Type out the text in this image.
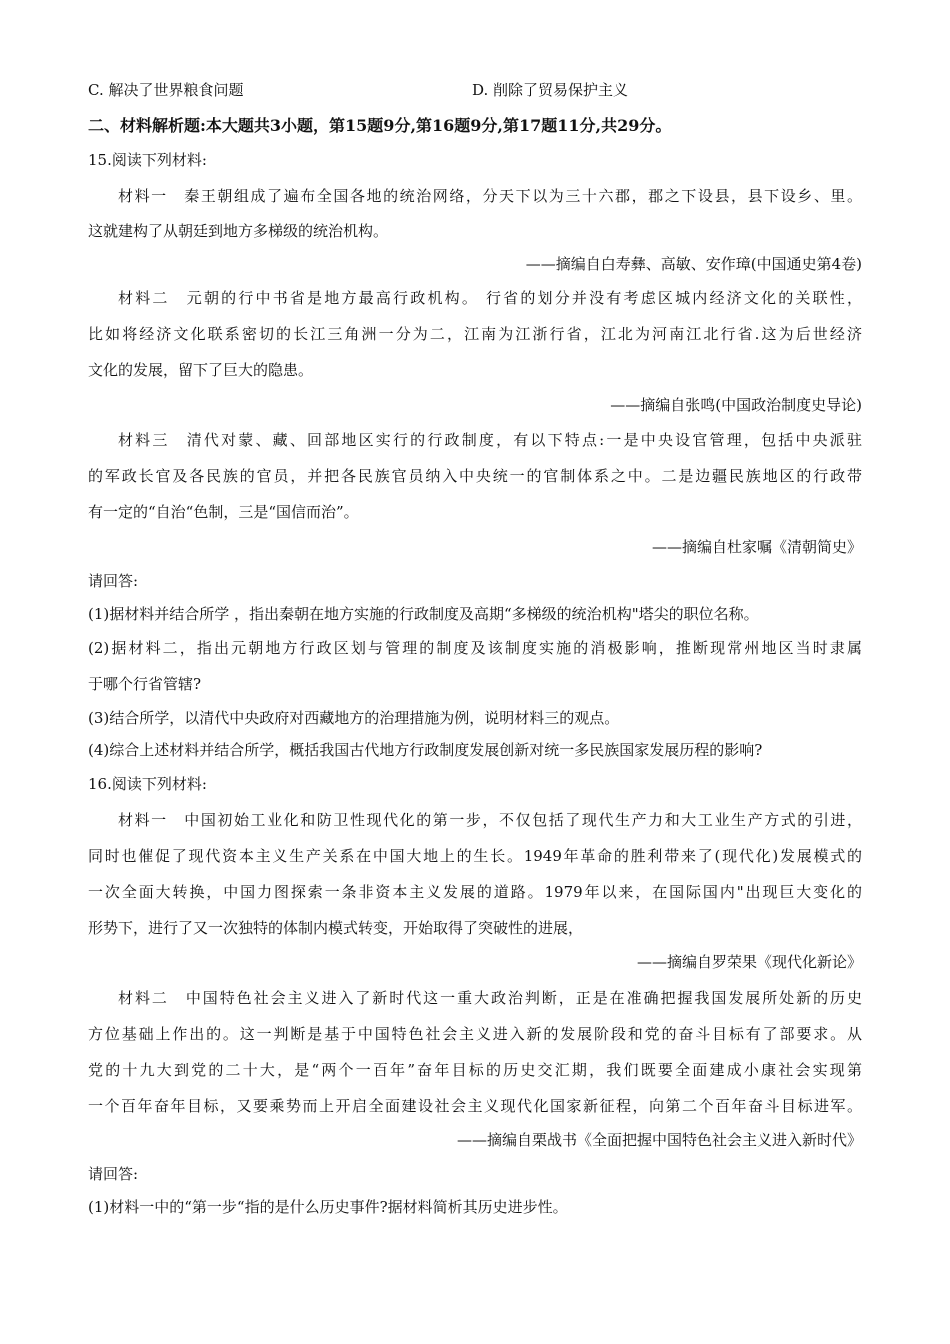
C. 解决了世界粮食问题	D. 削除了贸易保护主义
二、材料解析题:本大题共3小题，第15题9分,第16题9分,第17题11分,共29分。
15.阅读下列材料:
材料一　秦王朝组成了遍布全国各地的统治网络，分天下以为三十六郡，郡之下设县，县下设乡、里。
这就建构了从朝廷到地方多梯级的统治机构。
——摘编自白寿彝、高敏、安作璋(中国通史第4卷)
材料二　元朝的行中书省是地方最高行政机构。 行省的划分并没有考虑区城内经济文化的关联性，
比如将经济文化联系密切的长江三角洲一分为二，江南为江浙行省，江北为河南江北行省.这为后世经济
文化的发展，留下了巨大的隐患。
——摘编自张鸣(中国政治制度史导论)
材料三　清代对蒙、藏、回部地区实行的行政制度，有以下特点:一是中央设官管理，包括中央派驻
的军政长官及各民族的官员，并把各民族官员纳入中央统一的官制体系之中。二是边疆民族地区的行政带
有一定的“自治“色制，三是“国信而治”。
——摘编自杜家嘱《清朝简史》
请回答:
(1)据材料并结合所学 ，指出秦朝在地方实施的行政制度及高期“多梯级的统治机构"塔尖的职位名称。
(2)据材料二，指出元朝地方行政区划与管理的制度及该制度实施的消极影响，推断现常州地区当时隶属
于哪个行省管辖?
(3)结合所学，以清代中央政府对西藏地方的治理措施为例，说明材料三的观点。
(4)综合上述材料并结合所学，概括我国古代地方行政制度发展创新对统一多民族国家发展历程的影响?
16.阅读下列材料:
材料一　中国初始工业化和防卫性现代化的第一步，不仅包括了现代生产力和大工业生产方式的引进，
同时也催促了现代资本主义生产关系在中国大地上的生长。1949年革命的胜利带来了(现代化)发展模式的
一次全面大转换，中国力图探索一条非资本主义发展的道路。1979年以来，在国际国内"出现巨大变化的
形势下，进行了又一次独特的体制内模式转变，开始取得了突破性的进展，
——摘编自罗荣果《现代化新论》
材料二　中国特色社会主义进入了新时代这一重大政治判断，正是在准确把握我国发展所处新的历史
方位基础上作出的。这一判断是基于中国特色社会主义进入新的发展阶段和党的奋斗目标有了部要求。从
党的十九大到党的二十大，是“两个一百年”奋年目标的历史交汇期，我们既要全面建成小康社会实现第
一个百年奋年目标，又要乘势而上开启全面建设社会主义现代化国家新征程，向第二个百年奋斗目标进军。
——摘编自栗战书《全面把握中国特色社会主义进入新时代》
请回答:
(1)材料一中的“第一步“指的是什么历史事件?据材料简析其历史进步性。
